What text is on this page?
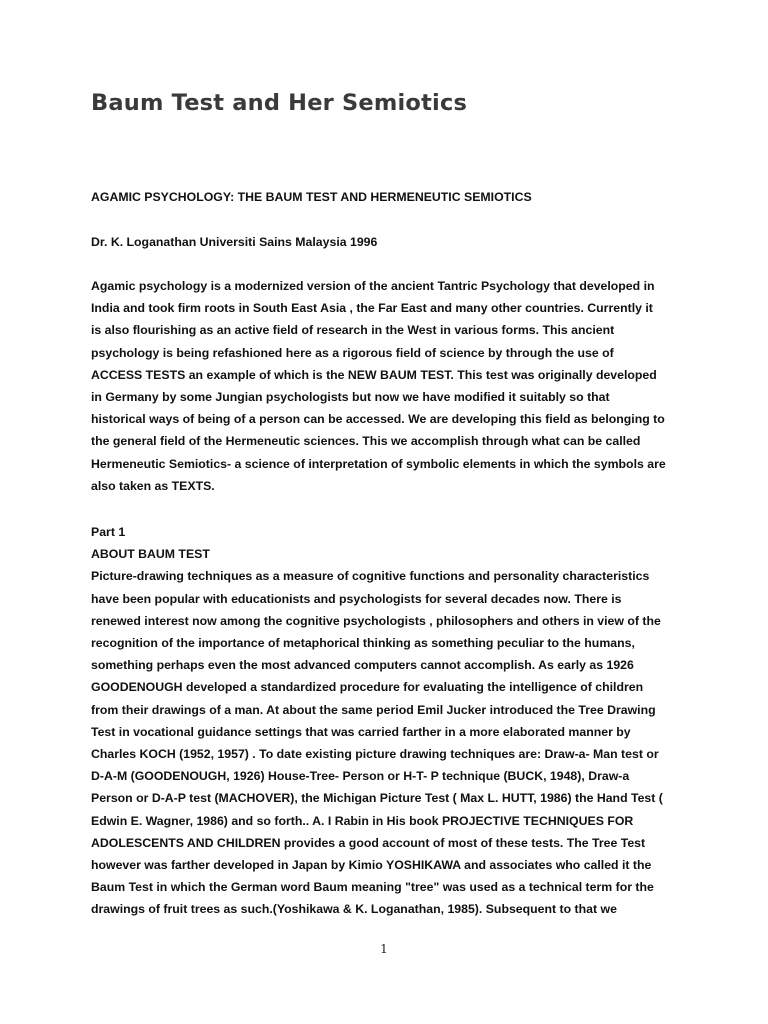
Baum Test and Her Semiotics
AGAMIC PSYCHOLOGY: THE BAUM TEST AND HERMENEUTIC SEMIOTICS
Dr. K. Loganathan Universiti Sains Malaysia 1996
Agamic psychology is a modernized version of the ancient Tantric Psychology that developed in
India and took firm roots in South East Asia , the Far East and many other countries. Currently it
is also flourishing as an active field of research in the West in various forms. This ancient
psychology is being refashioned here as a rigorous field of science by through the use of
ACCESS TESTS an example of which is the NEW BAUM TEST. This test was originally developed
in Germany by some Jungian psychologists but now we have modified it suitably so that
historical ways of being of a person can be accessed. We are developing this field as belonging to
the general field of the Hermeneutic sciences. This we accomplish through what can be called
Hermeneutic Semiotics- a science of interpretation of symbolic elements in which the symbols are
also taken as TEXTS.
Part 1
ABOUT BAUM TEST
Picture-drawing techniques as a measure of cognitive functions and personality characteristics
have been popular with educationists and psychologists for several decades now. There is
renewed interest now among the cognitive psychologists , philosophers and others in view of the
recognition of the importance of metaphorical thinking as something peculiar to the humans,
something perhaps even the most advanced computers cannot accomplish. As early as 1926
GOODENOUGH developed a standardized procedure for evaluating the intelligence of children
from their drawings of a man. At about the same period Emil Jucker introduced the Tree Drawing
Test in vocational guidance settings that was carried farther in a more elaborated manner by
Charles KOCH (1952, 1957) . To date existing picture drawing techniques are: Draw-a- Man test or
D-A-M (GOODENOUGH, 1926) House-Tree- Person or H-T- P technique (BUCK, 1948), Draw-a
Person or D-A-P test (MACHOVER), the Michigan Picture Test ( Max L. HUTT, 1986) the Hand Test (
Edwin E. Wagner, 1986) and so forth.. A. I Rabin in His book PROJECTIVE TECHNIQUES FOR
ADOLESCENTS AND CHILDREN provides a good account of most of these tests. The Tree Test
however was farther developed in Japan by Kimio YOSHIKAWA and associates who called it the
Baum Test in which the German word Baum meaning "tree" was used as a technical term for the
drawings of fruit trees as such.(Yoshikawa & K. Loganathan, 1985). Subsequent to that we
1
